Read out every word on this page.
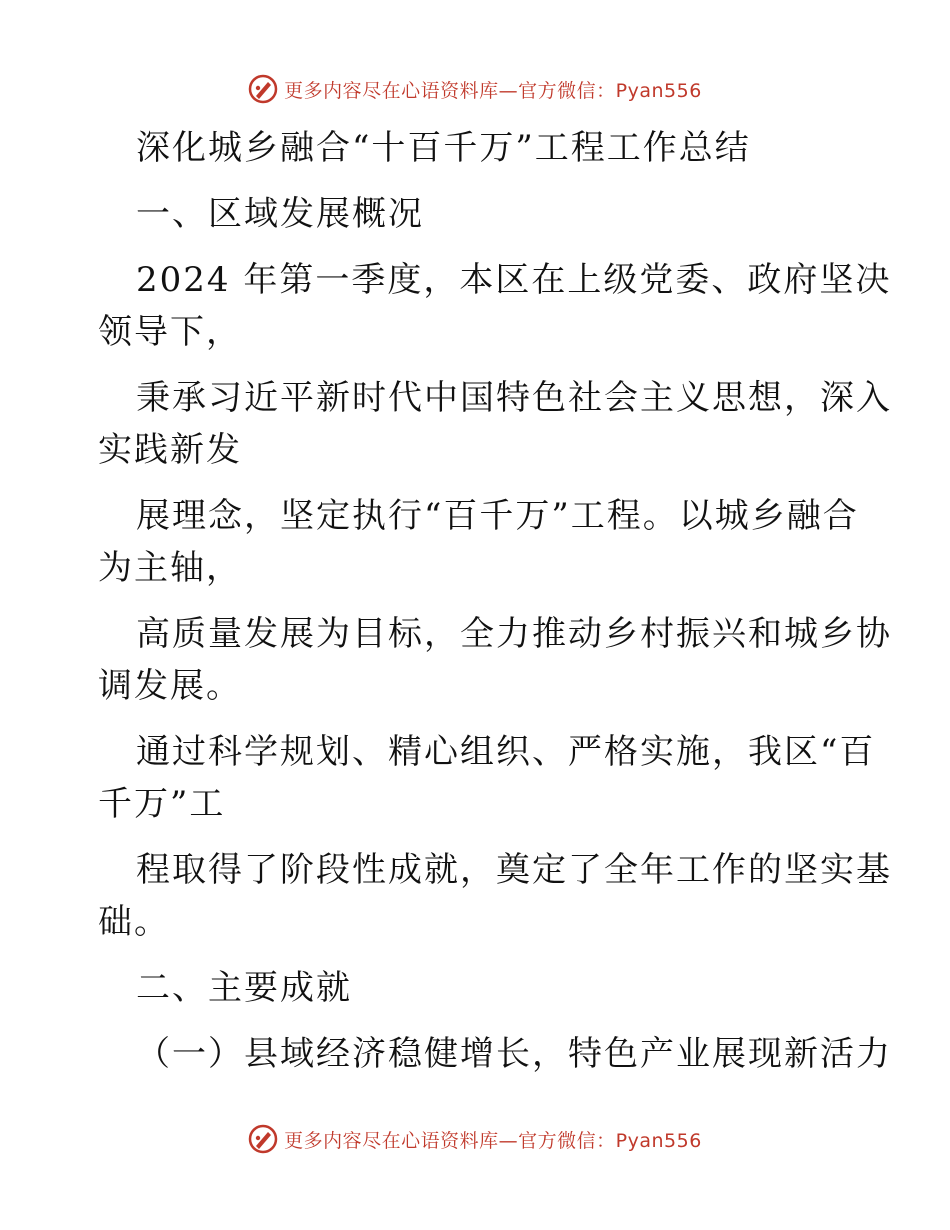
更多内容尽在心语资料库—官方微信：Pyan556

深化城乡融合“十百千万”工程工作总结

一、区域发展概况

2024 年第一季度，本区在上级党委、政府坚决

领导下，

秉承习近平新时代中国特色社会主义思想，深入

实践新发

展理念，坚定执行“百千万”工程。以城乡融合

为主轴，

高质量发展为目标，全力推动乡村振兴和城乡协

调发展。

通过科学规划、精心组织、严格实施，我区“百

千万”工

程取得了阶段性成就，奠定了全年工作的坚实基

础。

二、主要成就

（一）县域经济稳健增长，特色产业展现新活力

更多内容尽在心语资料库—官方微信：Pyan556
